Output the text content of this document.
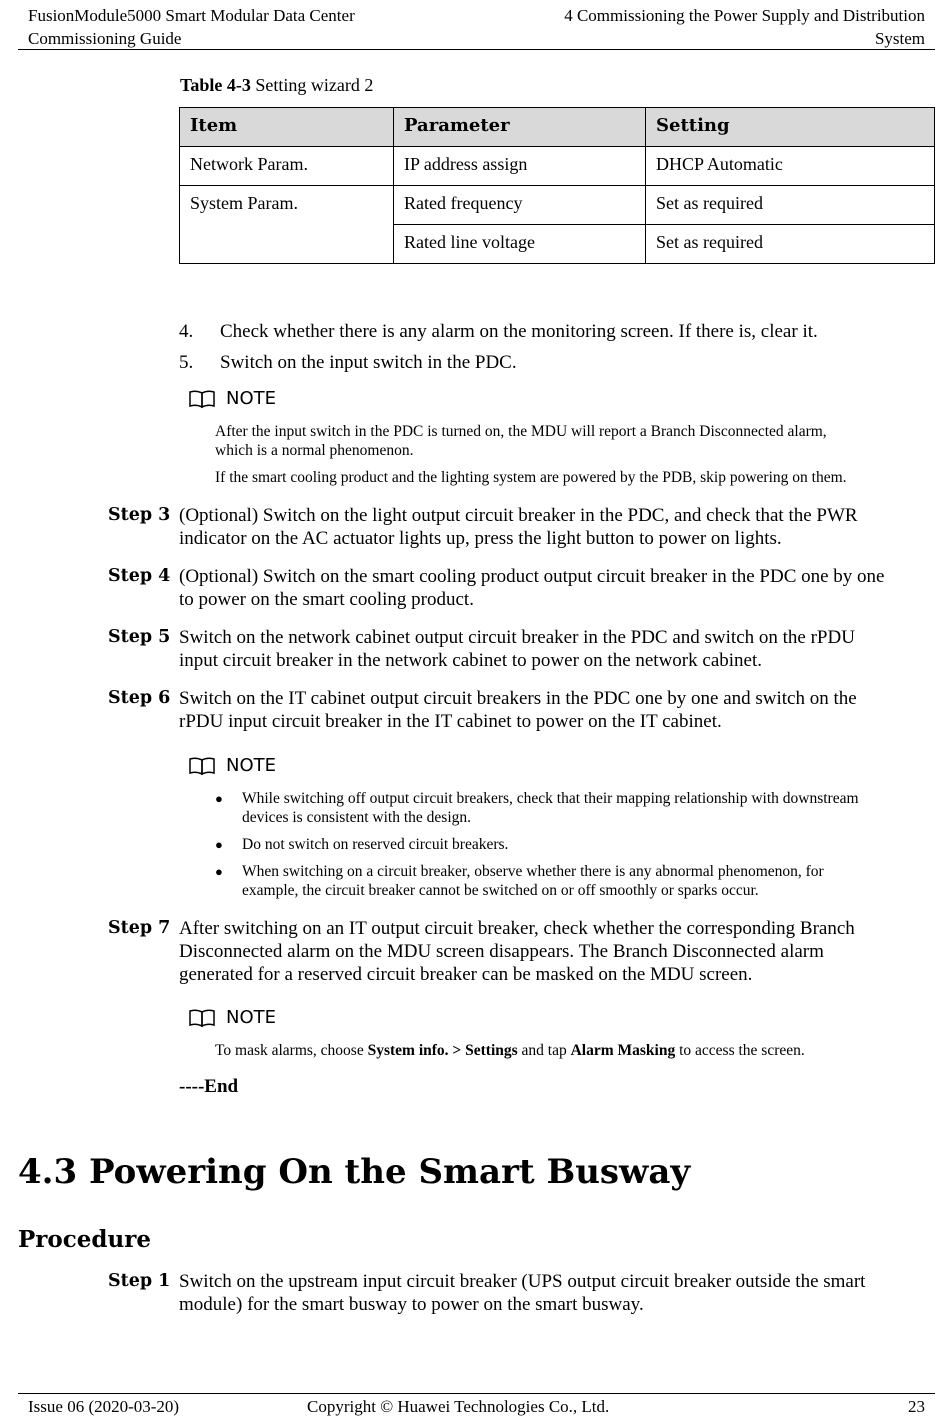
FusionModule5000 Smart Modular Data Center
Commissioning Guide
4 Commissioning the Power Supply and Distribution
System
Table 4-3 Setting wizard 2
Item	Parameter	Setting
Network Param.	IP address assign	DHCP Automatic
System Param.	Rated frequency	Set as required
	Rated line voltage	Set as required
4. Check whether there is any alarm on the monitoring screen. If there is, clear it.
5. Switch on the input switch in the PDC.
NOTE
After the input switch in the PDC is turned on, the MDU will report a Branch Disconnected alarm,
which is a normal phenomenon.
If the smart cooling product and the lighting system are powered by the PDB, skip powering on them.
Step 3 (Optional) Switch on the light output circuit breaker in the PDC, and check that the PWR
indicator on the AC actuator lights up, press the light button to power on lights.
Step 4 (Optional) Switch on the smart cooling product output circuit breaker in the PDC one by one
to power on the smart cooling product.
Step 5 Switch on the network cabinet output circuit breaker in the PDC and switch on the rPDU
input circuit breaker in the network cabinet to power on the network cabinet.
Step 6 Switch on the IT cabinet output circuit breakers in the PDC one by one and switch on the
rPDU input circuit breaker in the IT cabinet to power on the IT cabinet.
NOTE
● While switching off output circuit breakers, check that their mapping relationship with downstream
devices is consistent with the design.
● Do not switch on reserved circuit breakers.
● When switching on a circuit breaker, observe whether there is any abnormal phenomenon, for
example, the circuit breaker cannot be switched on or off smoothly or sparks occur.
Step 7 After switching on an IT output circuit breaker, check whether the corresponding Branch
Disconnected alarm on the MDU screen disappears. The Branch Disconnected alarm
generated for a reserved circuit breaker can be masked on the MDU screen.
NOTE
To mask alarms, choose System info. > Settings and tap Alarm Masking to access the screen.
----End
4.3 Powering On the Smart Busway
Procedure
Step 1 Switch on the upstream input circuit breaker (UPS output circuit breaker outside the smart
module) for the smart busway to power on the smart busway.
Issue 06 (2020-03-20)	Copyright © Huawei Technologies Co., Ltd.	23
